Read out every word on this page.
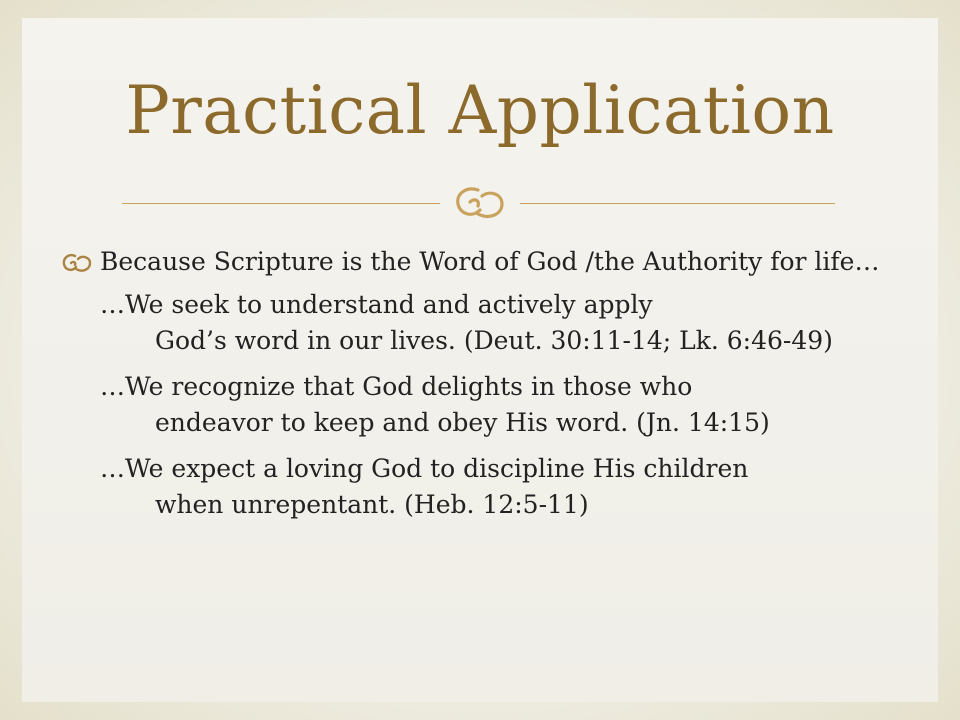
Practical Application
Because Scripture is the Word of God /the Authority for life…
…We seek to understand and actively apply
God’s word in our lives. (Deut. 30:11-14; Lk. 6:46-49)
…We recognize that God delights in those who
endeavor to keep and obey His word. (Jn. 14:15)
…We expect a loving God to discipline His children
when unrepentant. (Heb. 12:5-11)
